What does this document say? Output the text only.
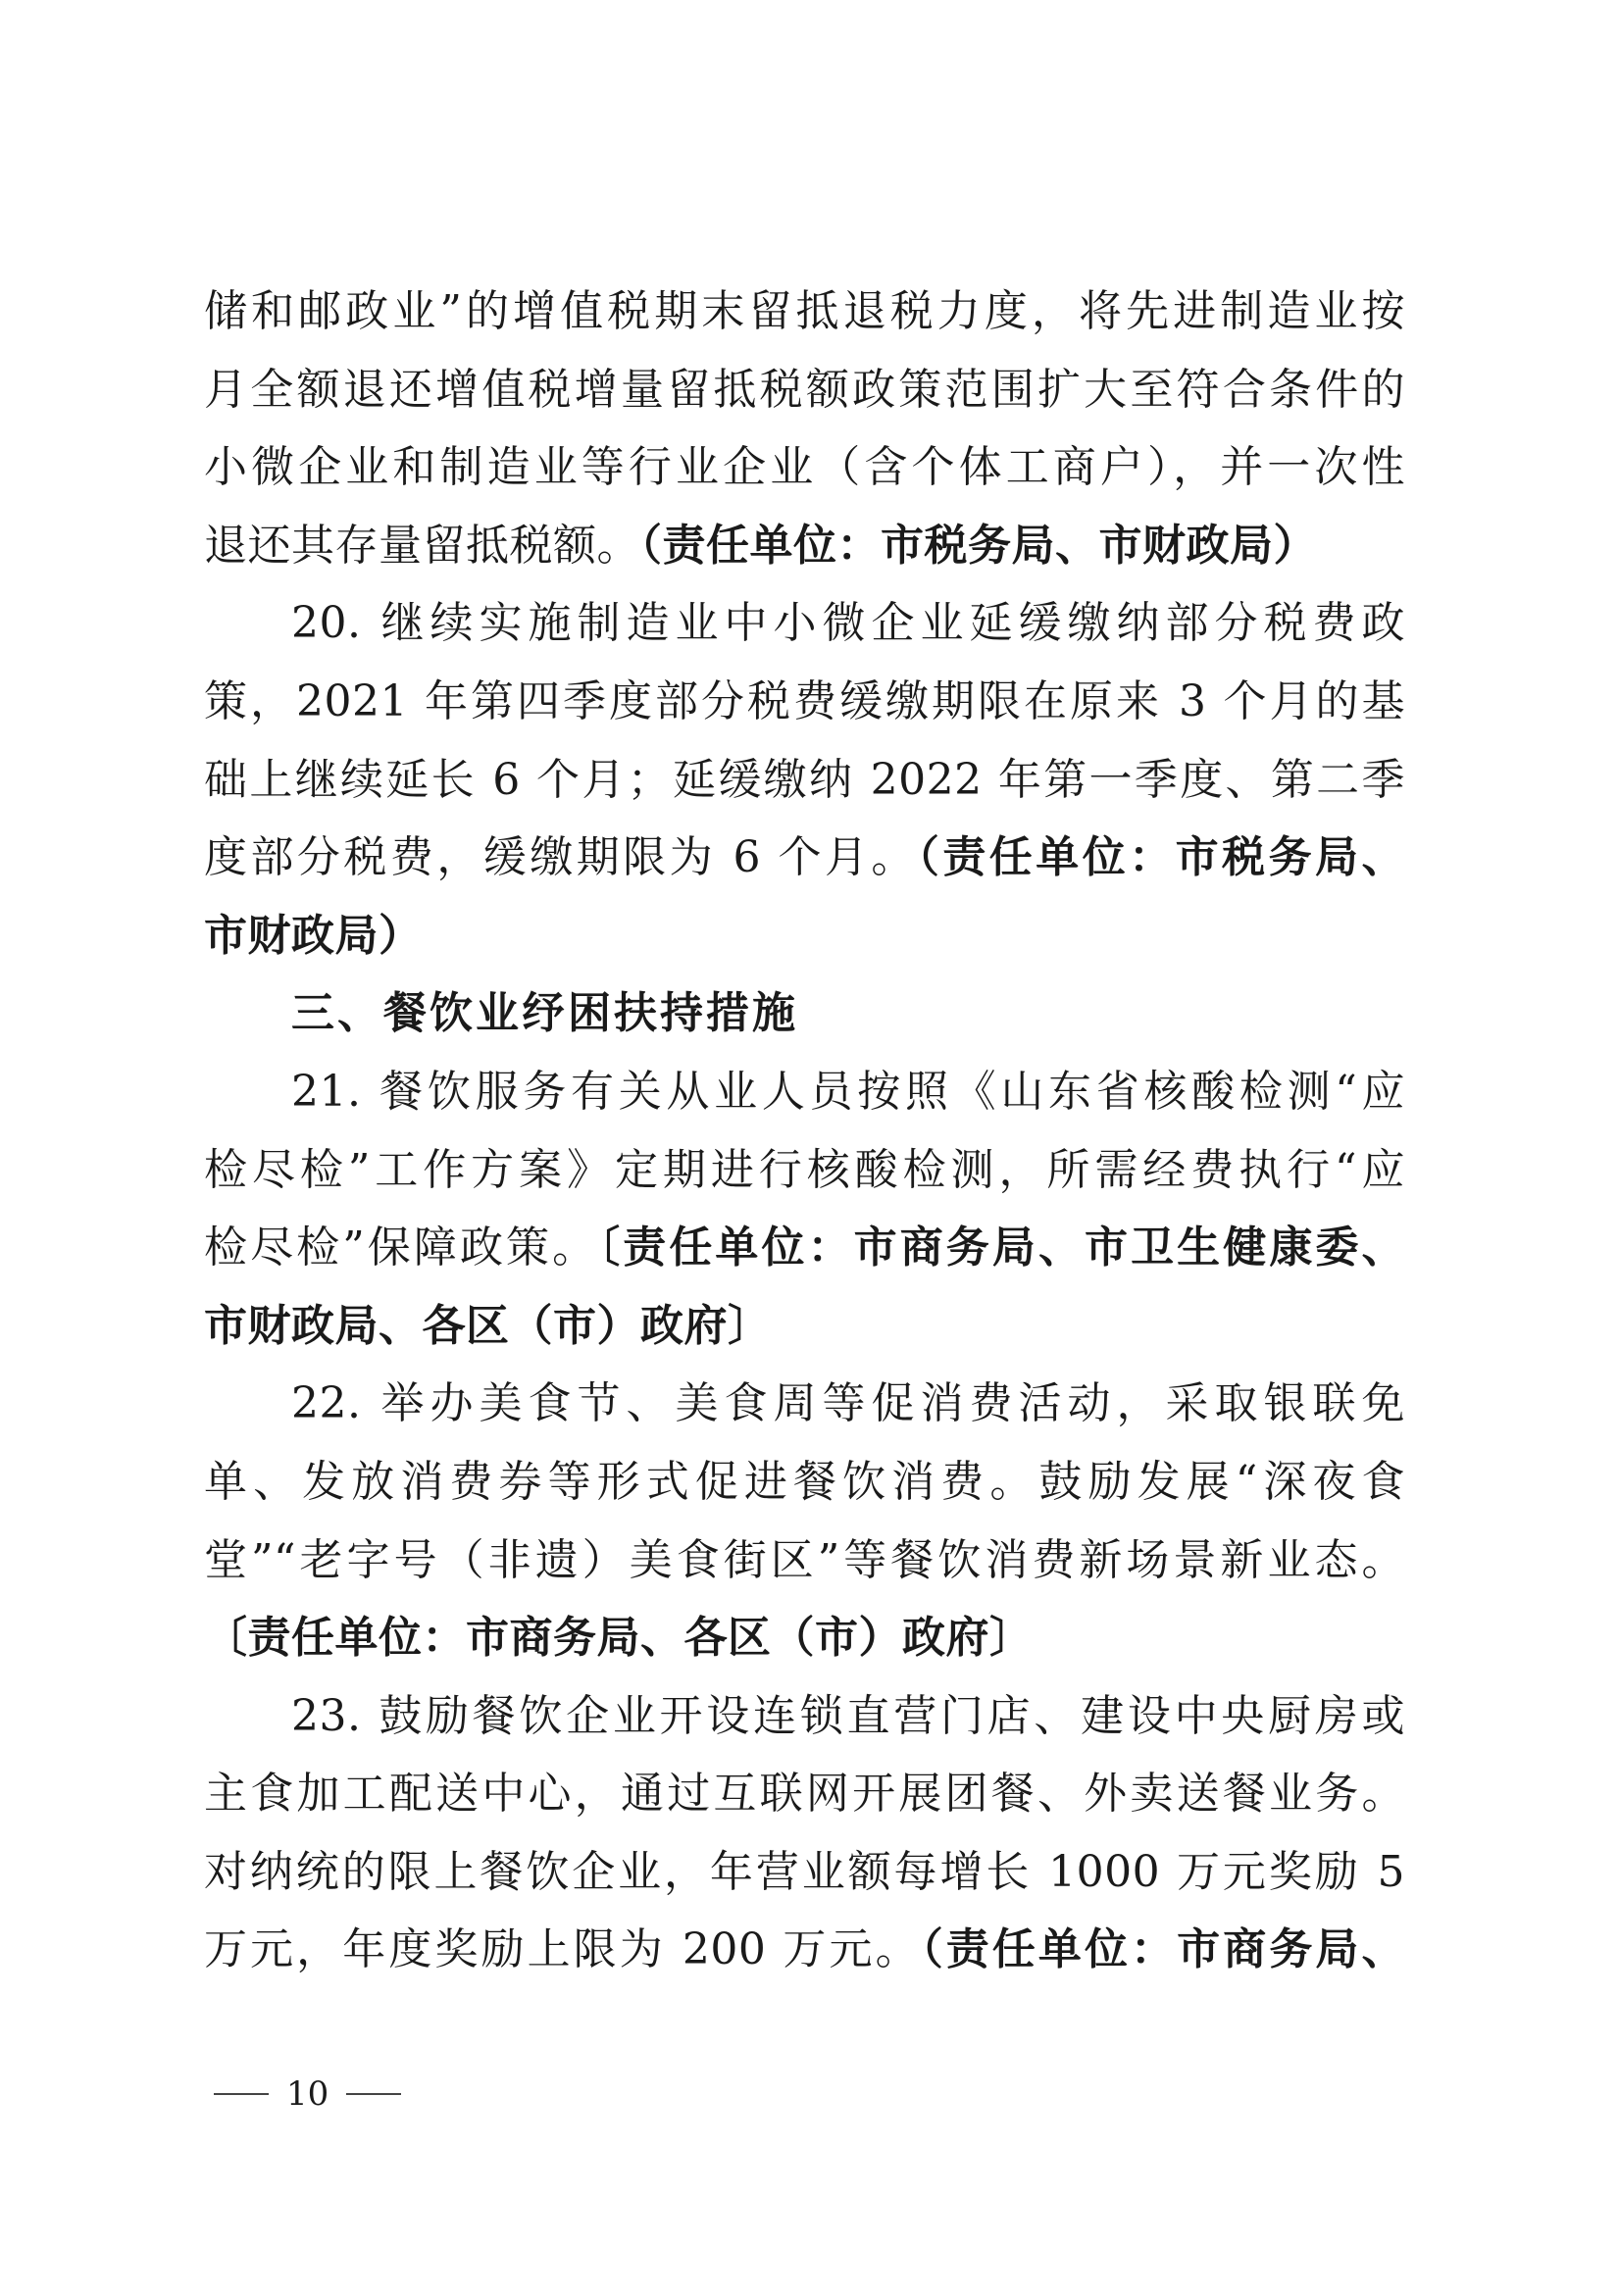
储和邮政业”的增值税期末留抵退税力度，将先进制造业按
月全额退还增值税增量留抵税额政策范围扩大至符合条件的
小微企业和制造业等行业企业（含个体工商户），并一次性
退还其存量留抵税额。（责任单位：市税务局、市财政局）
20. 继续实施制造业中小微企业延缓缴纳部分税费政
策，2021 年第四季度部分税费缓缴期限在原来 3 个月的基
础上继续延长 6 个月；延缓缴纳 2022 年第一季度、第二季
度部分税费，缓缴期限为 6 个月。（责任单位：市税务局、
市财政局）
三、餐饮业纾困扶持措施
21. 餐饮服务有关从业人员按照《山东省核酸检测“应
检尽检”工作方案》定期进行核酸检测，所需经费执行“应
检尽检”保障政策。〔责任单位：市商务局、市卫生健康委、
市财政局、各区（市）政府〕
22. 举办美食节、美食周等促消费活动，采取银联免
单、发放消费券等形式促进餐饮消费。鼓励发展“深夜食
堂”“老字号（非遗）美食街区”等餐饮消费新场景新业态。
〔责任单位：市商务局、各区（市）政府〕
23. 鼓励餐饮企业开设连锁直营门店、建设中央厨房或
主食加工配送中心，通过互联网开展团餐、外卖送餐业务。
对纳统的限上餐饮企业，年营业额每增长 1000 万元奖励 5
万元，年度奖励上限为 200 万元。（责任单位：市商务局、
10
